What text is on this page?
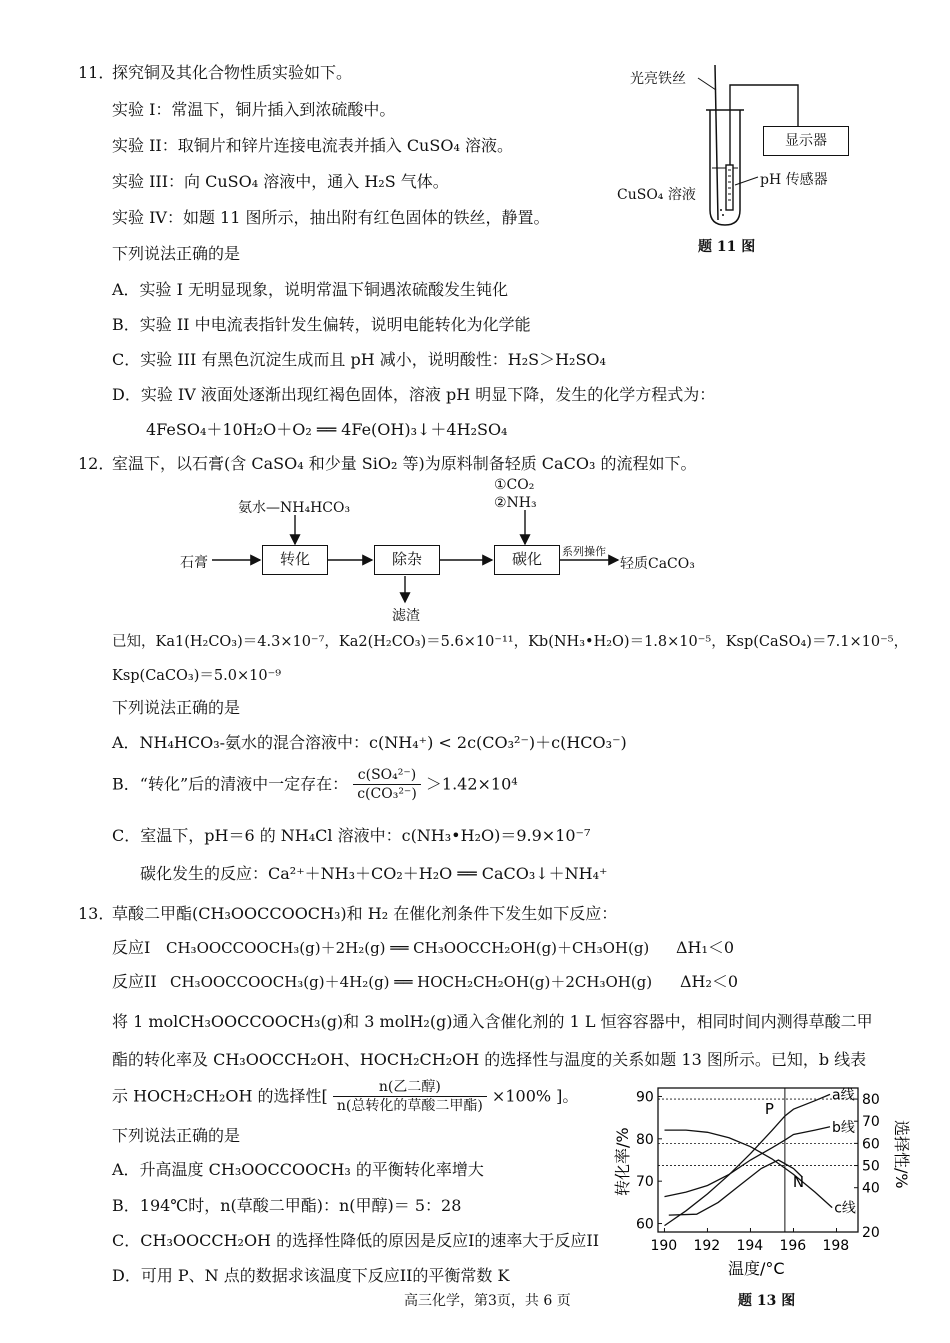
11．
探究铜及其化合物性质实验如下。
实验 I：常温下，铜片插入到浓硫酸中。
实验 II：取铜片和锌片连接电流表并插入 CuSO₄ 溶液。
实验 III：向 CuSO₄ 溶液中，通入 H₂S 气体。
实验 IV：如题 11 图所示，抽出附有红色固体的铁丝，静置。
下列说法正确的是
A．实验 I 无明显现象，说明常温下铜遇浓硫酸发生钝化
B．实验 II 中电流表指针发生偏转，说明电能转化为化学能
C．实验 III 有黑色沉淀生成而且 pH 减小，说明酸性：H₂S＞H₂SO₄
D．实验 IV 液面处逐渐出现红褐色固体，溶液 pH 明显下降，发生的化学方程式为：
4FeSO₄＋10H₂O＋O₂ ══ 4Fe(OH)₃↓＋4H₂SO₄
光亮铁丝
显示器
CuSO₄ 溶液
pH 传感器
题 11 图
12．
室温下，以石膏(含 CaSO₄ 和少量 SiO₂ 等)为原料制备轻质 CaCO₃ 的流程如下。
氨水—NH₄HCO₃
①CO₂
②NH₃
石膏	转化	除杂	碳化	系列操作
轻质CaCO₃
滤渣
已知，Ka1(H₂CO₃)＝4.3×10⁻⁷，Ka2(H₂CO₃)＝5.6×10⁻¹¹，Kb(NH₃•H₂O)＝1.8×10⁻⁵，Ksp(CaSO₄)＝7.1×10⁻⁵，
Ksp(CaCO₃)＝5.0×10⁻⁹
下列说法正确的是
A．NH₄HCO₃-氨水的混合溶液中：c(NH₄⁺) < 2c(CO₃²⁻)＋c(HCO₃⁻)
B．“转化”后的清液中一定存在： $\frac{\text{c(SO₄²⁻)}}{\text{c(CO₃²⁻)}} >1.42\times 10^4$
C．室温下，pH＝6 的 NH₄Cl 溶液中：c(NH₃•H₂O)＝9.9×10⁻⁷
碳化发生的反应：Ca²⁺＋NH₃＋CO₂＋H₂O ══ CaCO₃↓＋NH₄⁺
13．
草酸二甲酯(CH₃OOCCOOCH₃)和 H₂ 在催化剂条件下发生如下反应：
反应I CH₃OOCCOOCH₃(g)＋2H₂(g) ══ CH₃OOCCH₂OH(g)＋CH₃OH(g) ΔH₁＜0
反应II CH₃OOCCOOCH₃(g)＋4H₂(g) ══ HOCH₂CH₂OH(g)＋2CH₃OH(g) ΔH₂＜0
将 1 molCH₃OOCCOOCH₃(g)和 3 molH₂(g)通入含催化剂的 1 L 恒容容器中，相同时间内测得草酸二甲
酯的转化率及 CH₃OOCCH₂OH、HOCH₂CH₂OH 的选择性与温度的关系如题 13 图所示。已知，b 线表
示 HOCH₂CH₂OH 的选择性[ $\frac{\text{n(乙二醇)}}{\text{n(总转化的草酸二甲酯)}} \times 100\%$ ]。
下列说法正确的是
A．升高温度 CH₃OOCCOOCH₃ 的平衡转化率增大
B．194℃时，n(草酸二甲酯)：n(甲醇)＝ 5：28
C．CH₃OOCCH₂OH 的选择性降低的原因是反应I的速率大于反应II
D．可用 P、N 点的数据求该温度下反应II的平衡常数 K
a线
b线
c线
P
N
190 192 194 196 198
60
70
80
90
20
40
50
60
70
80
温度/°C
转化率/%	选择性/%
题 13 图
高三化学，第3页，共 6 页
